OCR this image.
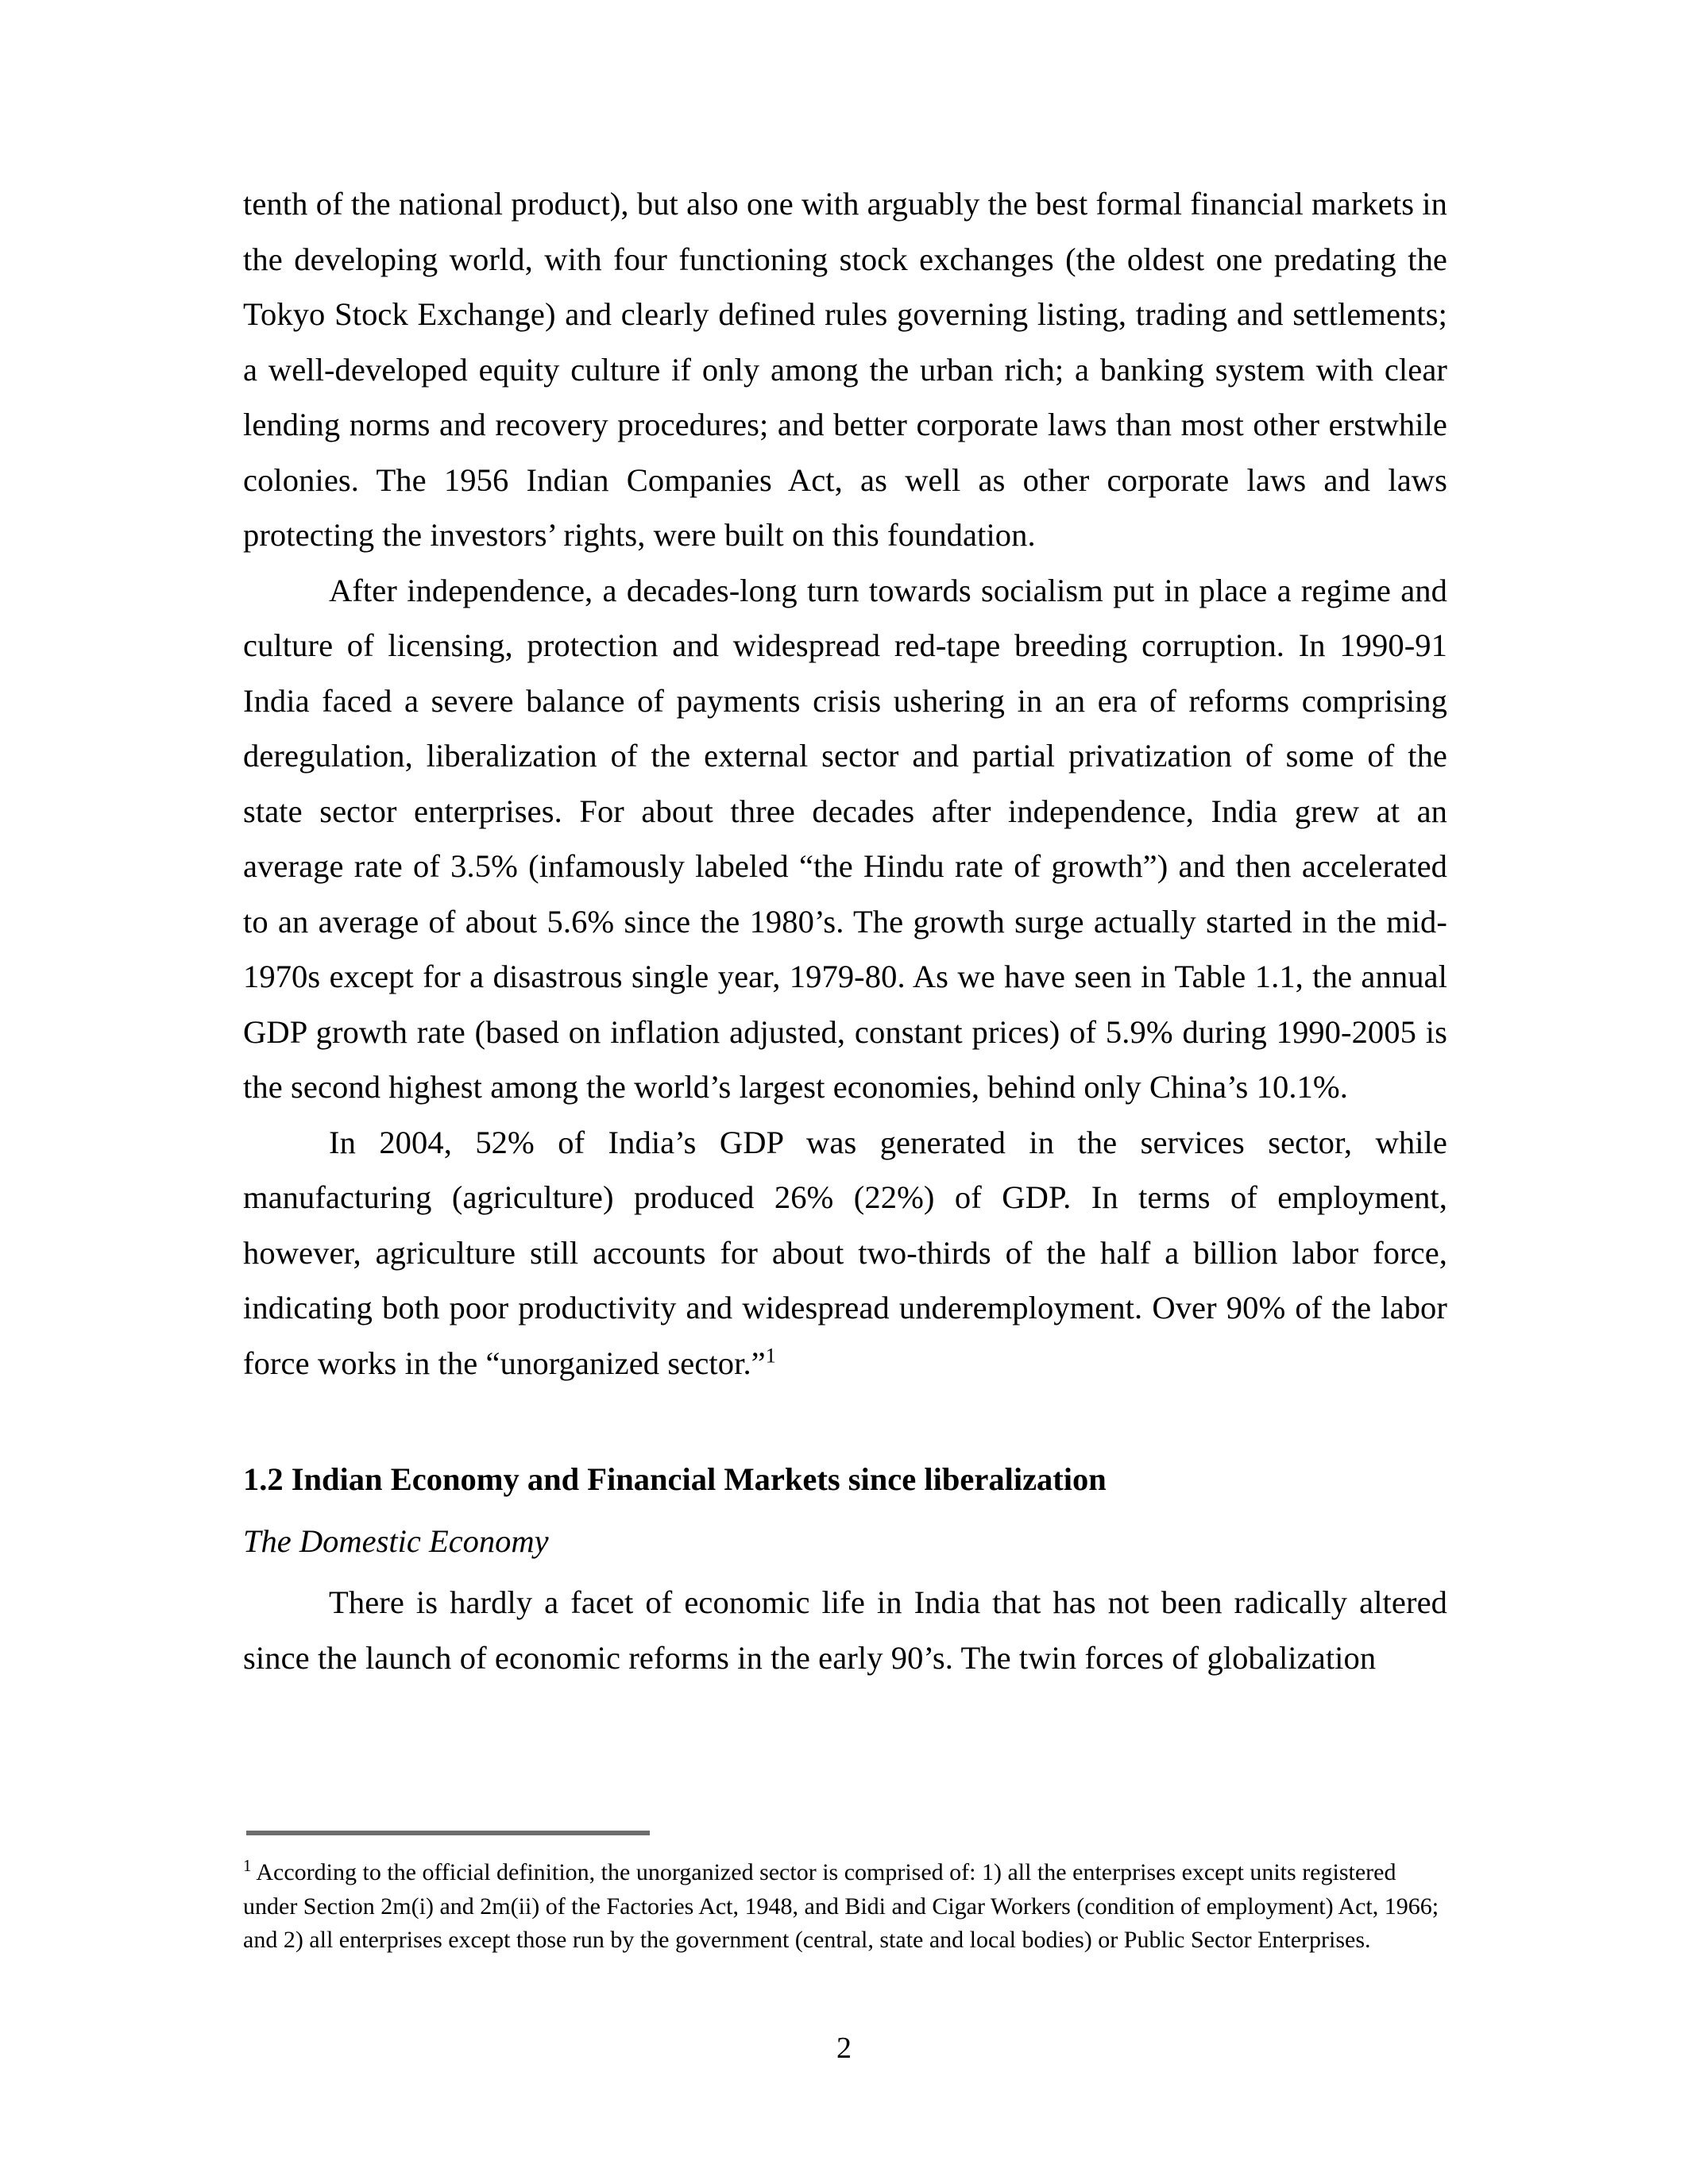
tenth of the national product), but also one with arguably the best formal financial markets in the developing world, with four functioning stock exchanges (the oldest one predating the Tokyo Stock Exchange) and clearly defined rules governing listing, trading and settlements; a well-developed equity culture if only among the urban rich; a banking system with clear lending norms and recovery procedures; and better corporate laws than most other erstwhile colonies. The 1956 Indian Companies Act, as well as other corporate laws and laws protecting the investors’ rights, were built on this foundation.

After independence, a decades-long turn towards socialism put in place a regime and culture of licensing, protection and widespread red-tape breeding corruption. In 1990-91 India faced a severe balance of payments crisis ushering in an era of reforms comprising deregulation, liberalization of the external sector and partial privatization of some of the state sector enterprises. For about three decades after independence, India grew at an average rate of 3.5% (infamously labeled “the Hindu rate of growth”) and then accelerated to an average of about 5.6% since the 1980’s. The growth surge actually started in the mid-1970s except for a disastrous single year, 1979-80. As we have seen in Table 1.1, the annual GDP growth rate (based on inflation adjusted, constant prices) of 5.9% during 1990-2005 is the second highest among the world’s largest economies, behind only China’s 10.1%.

In 2004, 52% of India’s GDP was generated in the services sector, while manufacturing (agriculture) produced 26% (22%) of GDP. In terms of employment, however, agriculture still accounts for about two-thirds of the half a billion labor force, indicating both poor productivity and widespread underemployment. Over 90% of the labor force works in the “unorganized sector.”$^1$

1.2 Indian Economy and Financial Markets since liberalization

The Domestic Economy

There is hardly a facet of economic life in India that has not been radically altered since the launch of economic reforms in the early 90’s. The twin forces of globalization

$^1$ According to the official definition, the unorganized sector is comprised of: 1) all the enterprises except units registered under Section 2m(i) and 2m(ii) of the Factories Act, 1948, and Bidi and Cigar Workers (condition of employment) Act, 1966; and 2) all enterprises except those run by the government (central, state and local bodies) or Public Sector Enterprises.

2
